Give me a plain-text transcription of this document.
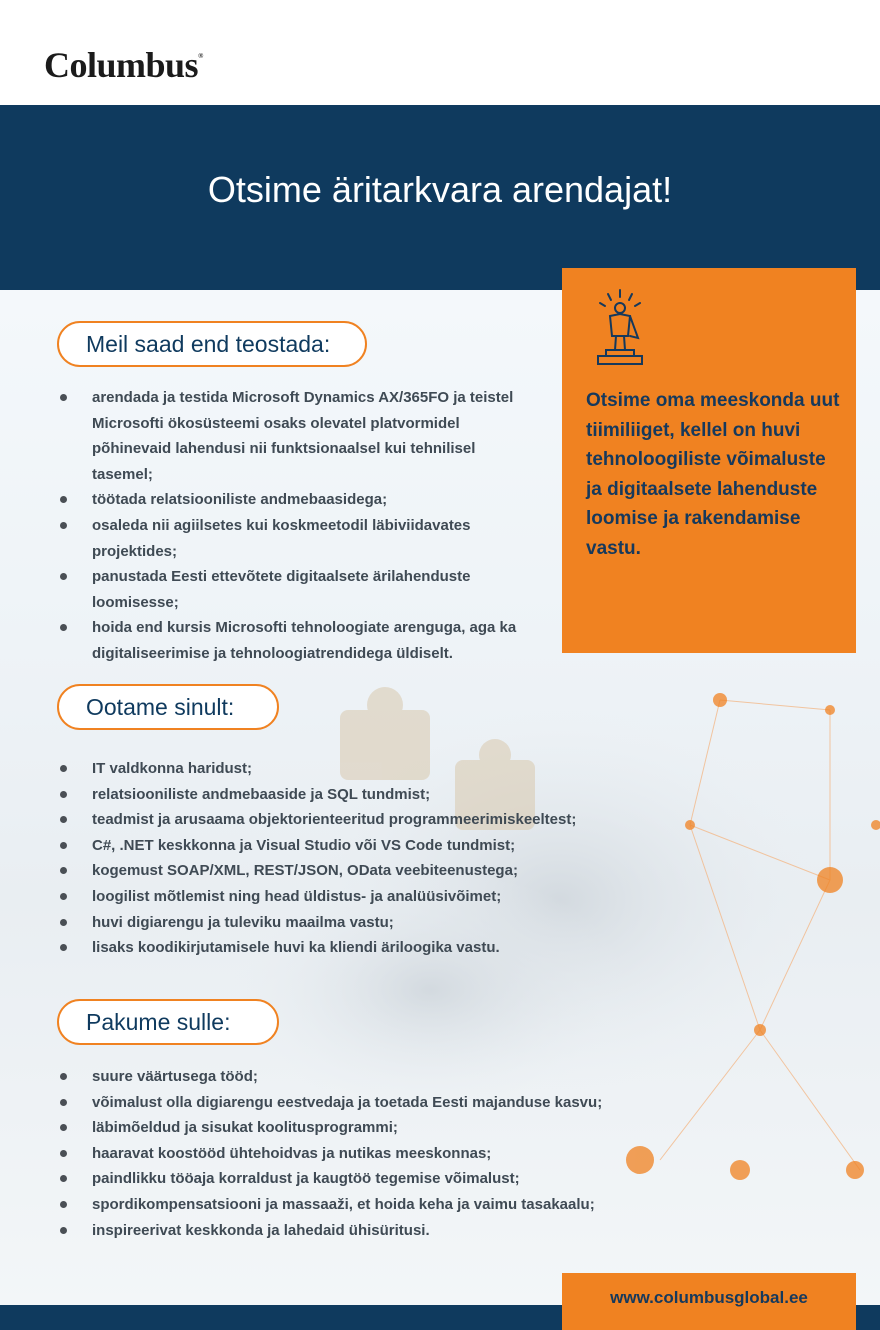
Columbus®
Otsime äritarkvara arendajat!

Otsime oma meeskonda uut tiimiliiget, kellel on huvi tehnoloogiliste võimaluste ja digitaalsete lahenduste loomise ja rakendamise vastu.

Meil saad end teostada:
arendada ja testida Microsoft Dynamics AX/365FO ja teistel Microsofti ökosüsteemi osaks olevatel platvormidel põhinevaid lahendusi nii funktsionaalsel kui tehnilisel tasemel;
töötada relatsiooniliste andmebaasidega;
osaleda nii agiilsetes kui koskmeetodil läbiviidavates projektides;
panustada Eesti ettevõtete digitaalsete ärilahenduste loomisesse;
hoida end kursis Microsofti tehnoloogiate arenguga, aga ka digitaliseerimise ja tehnoloogiatrendidega üldiselt.
Ootame sinult:
IT valdkonna haridust;
relatsiooniliste andmebaaside ja SQL tundmist;
teadmist ja arusaama objektorienteeritud programmeerimiskeeltest;
C#, .NET keskkonna ja Visual Studio või VS Code tundmist;
kogemust SOAP/XML, REST/JSON, OData veebiteenustega;
loogilist mõtlemist ning head üldistus- ja analüüsivõimet;
huvi digiarengu ja tuleviku maailma vastu;
lisaks koodikirjutamisele huvi ka kliendi äriloogika vastu.
Pakume sulle:
suure väärtusega tööd;
võimalust olla digiarengu eestvedaja ja toetada Eesti majanduse kasvu;
läbimõeldud ja sisukat koolitusprogrammi;
haaravat koostööd ühtehoidvas ja nutikas meeskonnas;
paindlikku tööaja korraldust ja kaugtöö tegemise võimalust;
spordikompensatsiooni ja massaaži, et hoida keha ja vaimu tasakaalu;
inspireerivat keskkonda ja lahedaid ühisüritusi.
www.columbusglobal.ee
